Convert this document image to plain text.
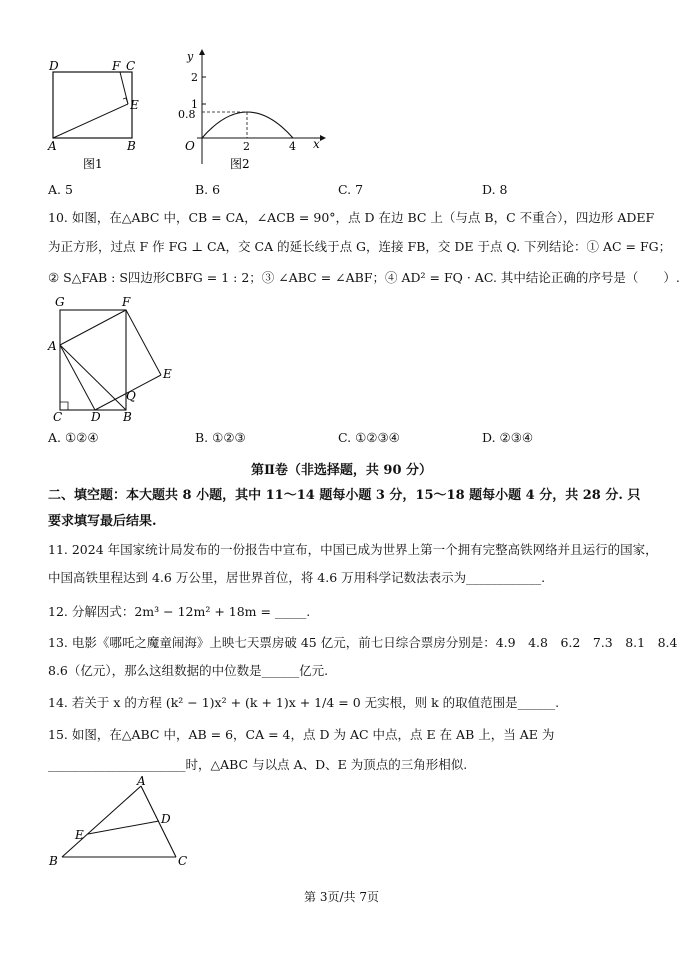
D	F C
E
A	B
图1
y
2
1
0.8
O	2	4 x
图2
A. 5	B. 6	C. 7	D. 8
10. 如图，在△ABC 中，CB = CA，∠ACB = 90°，点 D 在边 BC 上（与点 B，C 不重合），四边形 ADEF
为正方形，过点 F 作 FG ⊥ CA，交 CA 的延长线于点 G，连接 FB，交 DE 于点 Q. 下列结论：① AC = FG；
② S△FAB : S四边形CBFG = 1 : 2；③ ∠ABC = ∠ABF；④ AD² = FQ · AC. 其中结论正确的序号是（　　）.
G	F
A
E
Q
C D B
A. ①②④	B. ①②③	C. ①②③④	D. ②③④
第Ⅱ卷（非选择题，共 90 分）
二、填空题：本大题共 8 小题，其中 11～14 题每小题 3 分，15～18 题每小题 4 分，共 28 分. 只
要求填写最后结果.
11. 2024 年国家统计局发布的一份报告中宣布，中国已成为世界上第一个拥有完整高铁网络并且运行的国家，
中国高铁里程达到 4.6 万公里，居世界首位，将 4.6 万用科学记数法表示为____________.
12. 分解因式：2m³ − 12m² + 18m = _____.
13. 电影《哪吒之魔童闹海》上映七天票房破 45 亿元，前七日综合票房分别是：4.9　4.8　6.2　7.3　8.1　8.4
8.6（亿元），那么这组数据的中位数是______亿元.
14. 若关于 x 的方程 (k² − 1)x² + (k + 1)x + 1/4 = 0 无实根，则 k 的取值范围是______.
15. 如图，在△ABC 中，AB = 6，CA = 4，点 D 为 AC 中点，点 E 在 AB 上，当 AE 为
______________________时，△ABC 与以点 A、D、E 为顶点的三角形相似.
A
D
E
B	C
第 3页/共 7页
